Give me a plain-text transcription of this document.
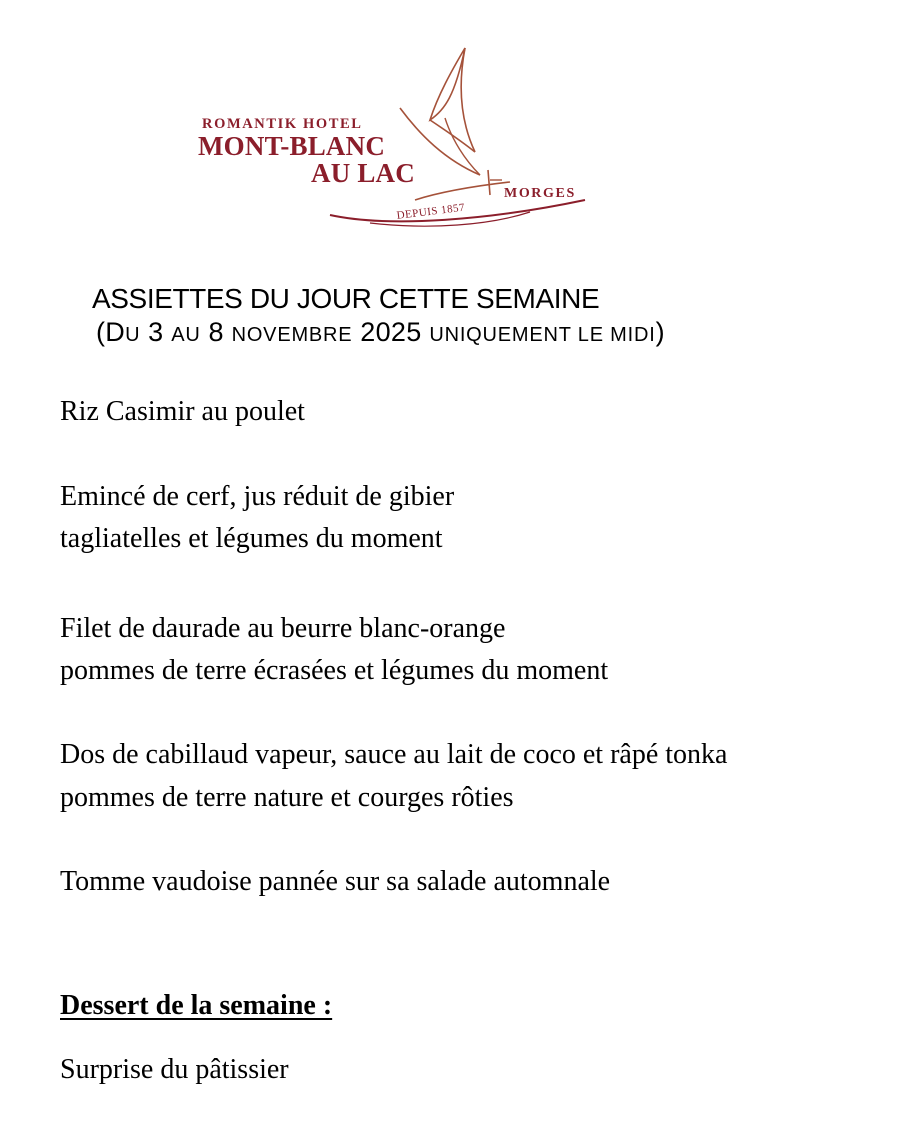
ROMANTIK HOTEL
MONT-BLANC
AU LAC
MORGES
DEPUIS 1857
ASSIETTES DU JOUR CETTE SEMAINE
(DU 3 AU 8 NOVEMBRE 2025 UNIQUEMENT LE MIDI)
Riz Casimir au poulet
Emincé de cerf, jus réduit de gibier
tagliatelles et légumes du moment
Filet de daurade au beurre blanc-orange
pommes de terre écrasées et légumes du moment
Dos de cabillaud vapeur, sauce au lait de coco et râpé tonka
pommes de terre nature et courges rôties
Tomme vaudoise pannée sur sa salade automnale
Dessert de la semaine :
Surprise du pâtissier
